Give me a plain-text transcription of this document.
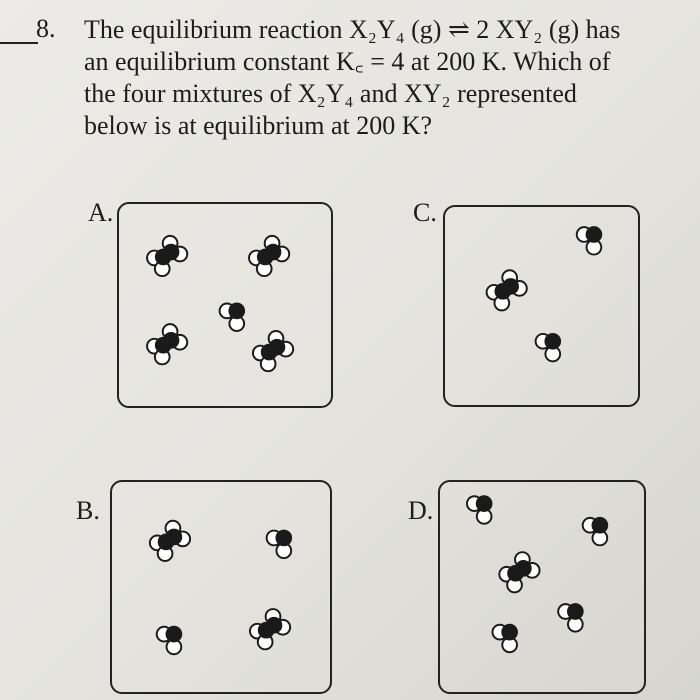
8. The equilibrium reaction X₂Y₄ (g) ⇌ 2 XY₂ (g) has

an equilibrium constant K꜀ = 4 at 200 K. Which of

the four mixtures of X₂Y₄ and XY₂ represented

below is at equilibrium at 200 K?

A.	C.
B.	D.
